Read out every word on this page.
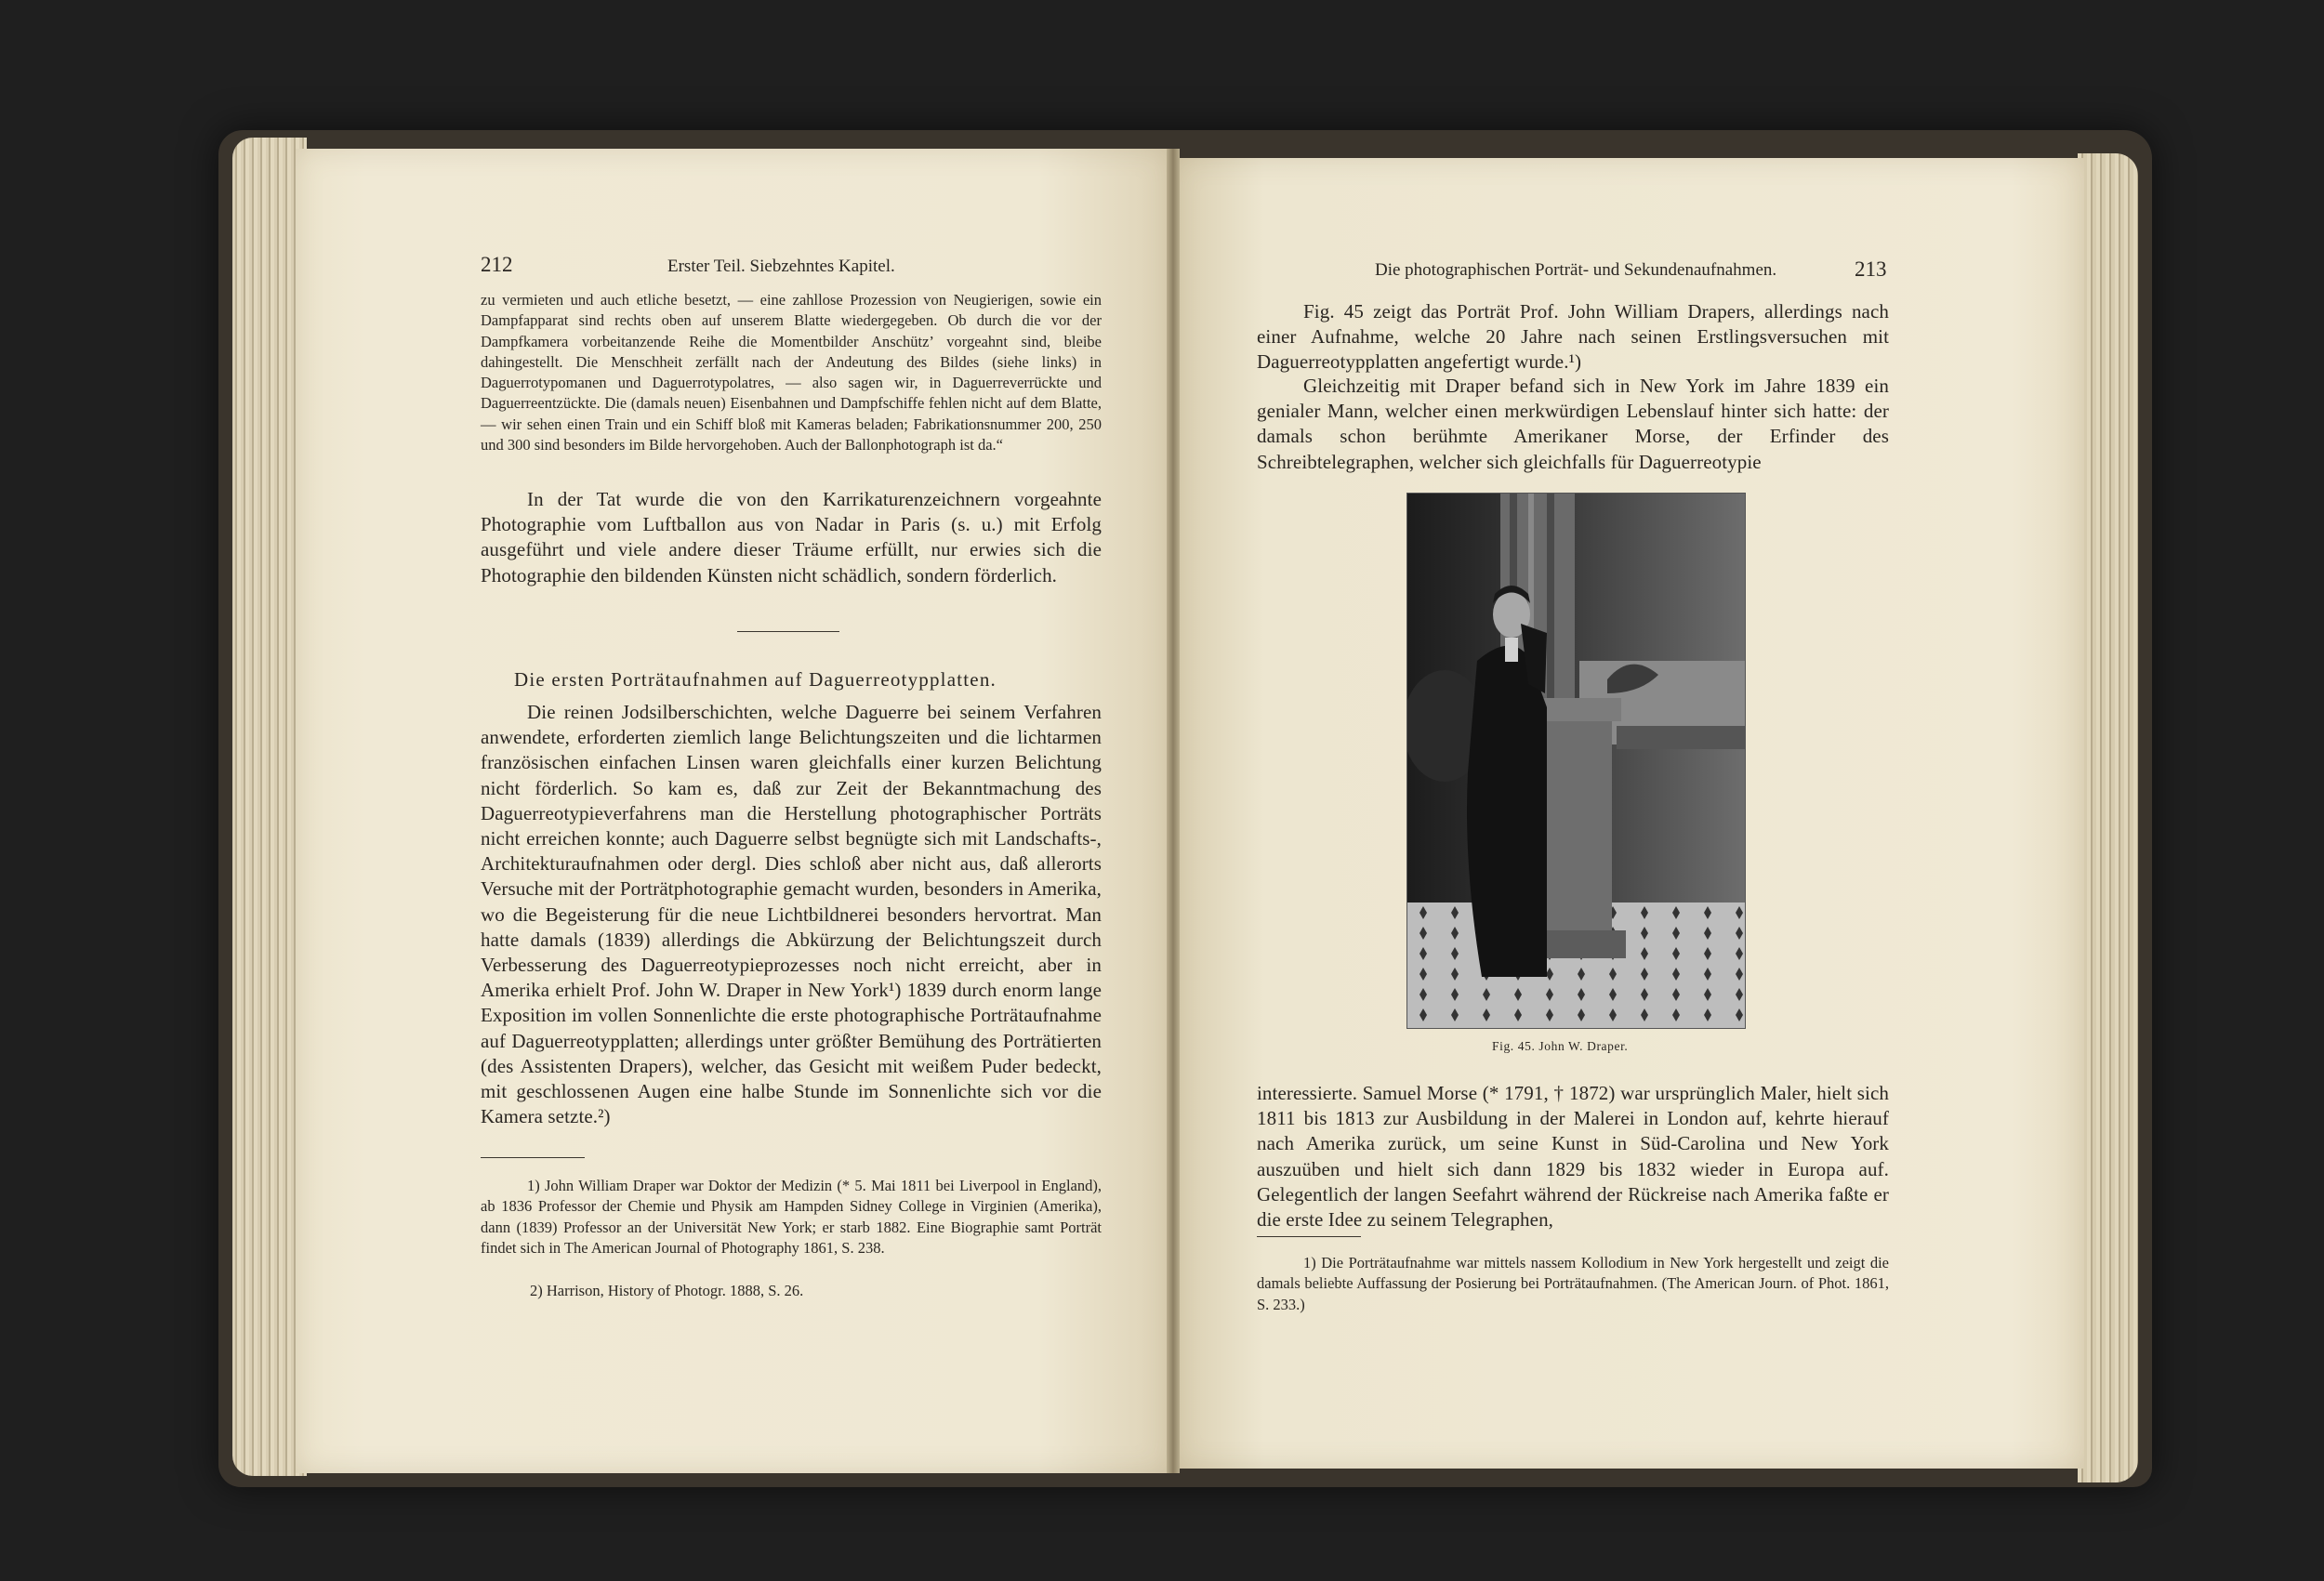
212	Erster Teil. Siebzehntes Kapitel.

zu vermieten und auch etliche besetzt, — eine zahllose Prozession von Neugierigen, sowie ein Dampfapparat sind rechts oben auf unserem Blatte wiedergegeben. Ob durch die vor der Dampfkamera vorbeitanzende Reihe die Momentbilder Anschütz’ vorgeahnt sind, bleibe dahingestellt. Die Menschheit zerfällt nach der Andeutung des Bildes (siehe links) in Daguerrotypomanen und Daguerrotypolatres, — also sagen wir, in Daguerreverrückte und Daguerreentzückte. Die (damals neuen) Eisenbahnen und Dampfschiffe fehlen nicht auf dem Blatte, — wir sehen einen Train und ein Schiff bloß mit Kameras beladen; Fabrikationsnummer 200, 250 und 300 sind besonders im Bilde hervorgehoben. Auch der Ballonphotograph ist da.“

In der Tat wurde die von den Karrikaturenzeichnern vorgeahnte Photographie vom Luftballon aus von Nadar in Paris (s. u.) mit Erfolg ausgeführt und viele andere dieser Träume erfüllt, nur erwies sich die Photographie den bildenden Künsten nicht schädlich, sondern förderlich.

Die ersten Porträtaufnahmen auf Daguerreotypplatten.

Die reinen Jodsilberschichten, welche Daguerre bei seinem Verfahren anwendete, erforderten ziemlich lange Belichtungszeiten und die lichtarmen französischen einfachen Linsen waren gleichfalls einer kurzen Belichtung nicht förderlich. So kam es, daß zur Zeit der Bekanntmachung des Daguerreotypieverfahrens man die Herstellung photographischer Porträts nicht erreichen konnte; auch Daguerre selbst begnügte sich mit Landschafts-, Architekturaufnahmen oder dergl. Dies schloß aber nicht aus, daß allerorts Versuche mit der Porträtphotographie gemacht wurden, besonders in Amerika, wo die Begeisterung für die neue Lichtbildnerei besonders hervortrat. Man hatte damals (1839) allerdings die Abkürzung der Belichtungszeit durch Verbesserung des Daguerreotypieprozesses noch nicht erreicht, aber in Amerika erhielt Prof. John W. Draper in New York¹) 1839 durch enorm lange Exposition im vollen Sonnenlichte die erste photographische Porträtaufnahme auf Daguerreotypplatten; allerdings unter größter Bemühung des Porträtierten (des Assistenten Drapers), welcher, das Gesicht mit weißem Puder bedeckt, mit geschlossenen Augen eine halbe Stunde im Sonnenlichte sich vor die Kamera setzte.²)

1) John William Draper war Doktor der Medizin (* 5. Mai 1811 bei Liverpool in England), ab 1836 Professor der Chemie und Physik am Hampden Sidney College in Virginien (Amerika), dann (1839) Professor an der Universität New York; er starb 1882. Eine Biographie samt Porträt findet sich in The American Journal of Photography 1861, S. 238.

2) Harrison, History of Photogr. 1888, S. 26.

Die photographischen Porträt- und Sekundenaufnahmen.	213

Fig. 45 zeigt das Porträt Prof. John William Drapers, allerdings nach einer Aufnahme, welche 20 Jahre nach seinen Erstlingsversuchen mit Daguerreotypplatten angefertigt wurde.¹)

Gleichzeitig mit Draper befand sich in New York im Jahre 1839 ein genialer Mann, welcher einen merkwürdigen Lebenslauf hinter sich hatte: der damals schon berühmte Amerikaner Morse, der Erfinder des Schreibtelegraphen, welcher sich gleichfalls für Daguerreotypie

Fig. 45. John W. Draper.

interessierte. Samuel Morse (* 1791, † 1872) war ursprünglich Maler, hielt sich 1811 bis 1813 zur Ausbildung in der Malerei in London auf, kehrte hierauf nach Amerika zurück, um seine Kunst in Süd-Carolina und New York auszuüben und hielt sich dann 1829 bis 1832 wieder in Europa auf. Gelegentlich der langen Seefahrt während der Rückreise nach Amerika faßte er die erste Idee zu seinem Telegraphen,

1) Die Porträtaufnahme war mittels nassem Kollodium in New York hergestellt und zeigt die damals beliebte Auffassung der Posierung bei Porträtaufnahmen. (The American Journ. of Phot. 1861, S. 233.)
